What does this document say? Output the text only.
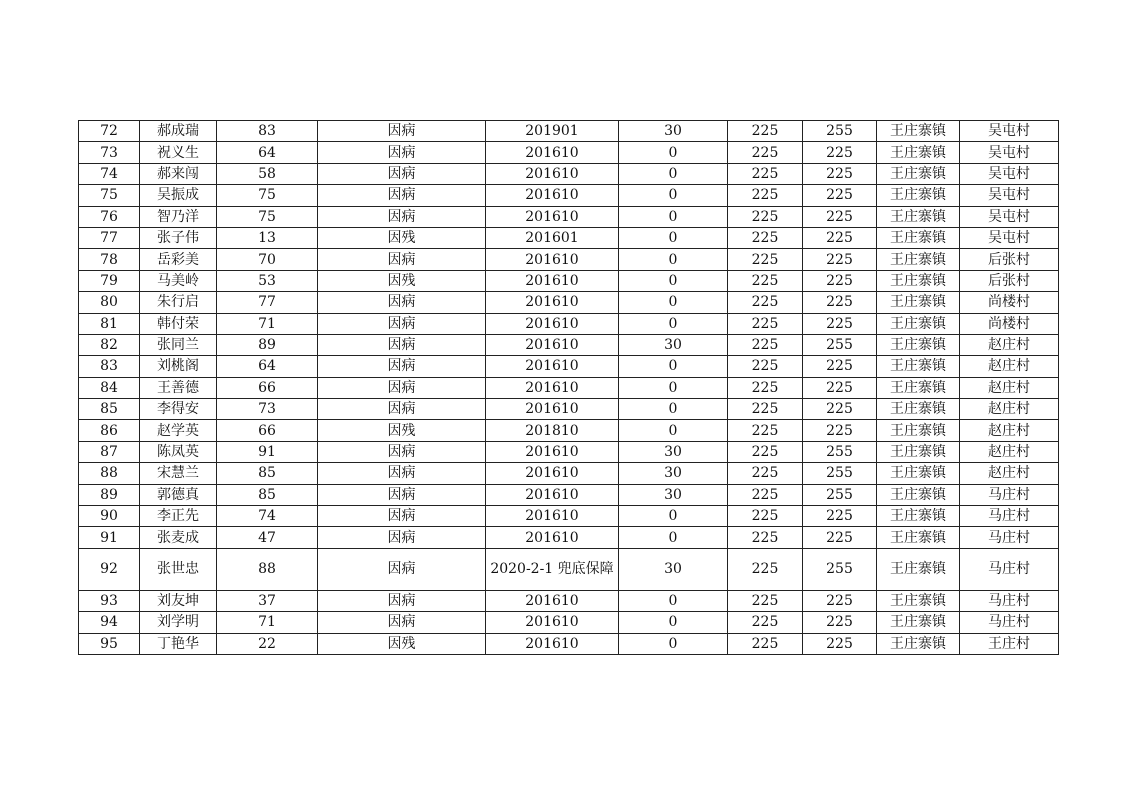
72	郝成瑞	83	因病	201901	30	225	255	王庄寨镇	吴屯村
73	祝义生	64	因病	201610	0	225	225	王庄寨镇	吴屯村
74	郝来闯	58	因病	201610	0	225	225	王庄寨镇	吴屯村
75	吴振成	75	因病	201610	0	225	225	王庄寨镇	吴屯村
76	智乃洋	75	因病	201610	0	225	225	王庄寨镇	吴屯村
77	张子伟	13	因残	201601	0	225	225	王庄寨镇	吴屯村
78	岳彩美	70	因病	201610	0	225	225	王庄寨镇	后张村
79	马美岭	53	因残	201610	0	225	225	王庄寨镇	后张村
80	朱行启	77	因病	201610	0	225	225	王庄寨镇	尚楼村
81	韩付荣	71	因病	201610	0	225	225	王庄寨镇	尚楼村
82	张同兰	89	因病	201610	30	225	255	王庄寨镇	赵庄村
83	刘桃阁	64	因病	201610	0	225	225	王庄寨镇	赵庄村
84	王善德	66	因病	201610	0	225	225	王庄寨镇	赵庄村
85	李得安	73	因病	201610	0	225	225	王庄寨镇	赵庄村
86	赵学英	66	因残	201810	0	225	225	王庄寨镇	赵庄村
87	陈凤英	91	因病	201610	30	225	255	王庄寨镇	赵庄村
88	宋慧兰	85	因病	201610	30	225	255	王庄寨镇	赵庄村
89	郭德真	85	因病	201610	30	225	255	王庄寨镇	马庄村
90	李正先	74	因病	201610	0	225	225	王庄寨镇	马庄村
91	张麦成	47	因病	201610	0	225	225	王庄寨镇	马庄村
92	张世忠	88	因病	2020-2-1 兜底保障	30	225	255	王庄寨镇	马庄村
93	刘友坤	37	因病	201610	0	225	225	王庄寨镇	马庄村
94	刘学明	71	因病	201610	0	225	225	王庄寨镇	马庄村
95	丁艳华	22	因残	201610	0	225	225	王庄寨镇	王庄村
